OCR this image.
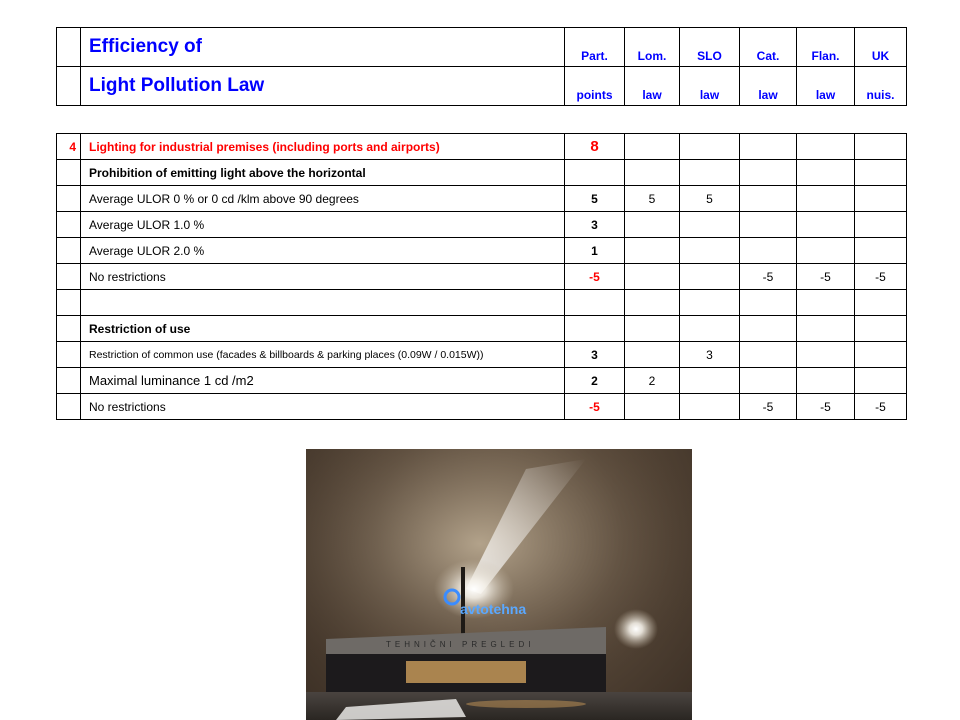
	Efficiency of	Part.	Lom.	SLO	Cat.	Flan.	UK
	Light Pollution Law	points	law	law	law	law	nuis.
4	Lighting for industrial premises (including ports and airports)	8					
	Prohibition of emitting light above the horizontal						
	Average ULOR 0 % or 0 cd /klm above 90 degrees	5	5	5			
	Average ULOR 1.0 %	3					
	Average ULOR 2.0 %	1					
	No restrictions	-5			-5	-5	-5

	Restriction of use						
	Restriction of common use (facades & billboards & parking places (0.09W / 0.015W))	3		3			
	Maximal luminance 1 cd /m2	2	2				
	No restrictions	-5			-5	-5	-5
TEHNIČNI PREGLEDI
avtotehna
